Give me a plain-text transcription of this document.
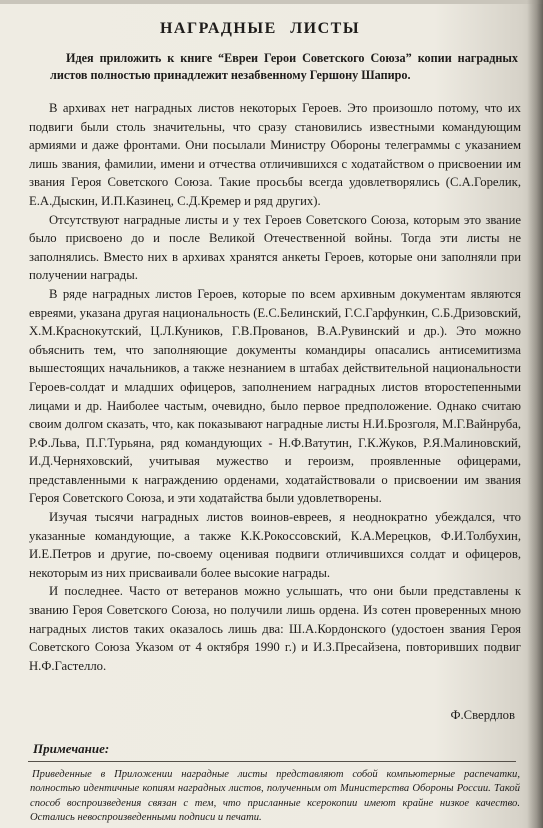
НАГРАДНЫЕ ЛИСТЫ

Идея приложить к книге “Евреи Герои Советского Союза” копии наградных листов полностью принадлежит незабвенному Гершону Шапиро.

В архивах нет наградных листов некоторых Героев. Это произошло потому, что их подвиги были столь значительны, что сразу становились известными командующим армиями и даже фронтами. Они посылали Министру Обороны телеграммы с указанием лишь звания, фамилии, имени и отчества отличившихся с ходатайством о присвоении им звания Героя Советского Союза. Такие просьбы всегда удовлетворялись (С.А.Горелик, Е.А.Дыскин, И.П.Казинец, С.Д.Кремер и ряд других).

Отсутствуют наградные листы и у тех Героев Советского Союза, которым это звание было присвоено до и после Великой Отечественной войны. Тогда эти листы не заполнялись. Вместо них в архивах хранятся анкеты Героев, которые они заполняли при получении награды.

В ряде наградных листов Героев, которые по всем архивным документам являются евреями, указана другая национальность (Е.С.Белинский, Г.С.Гарфункин, С.Б.Дризовский, Х.М.Краснокутский, Ц.Л.Куников, Г.В.Прованов, В.А.Рувинский и др.). Это можно объяснить тем, что заполняющие документы командиры опасались антисемитизма вышестоящих начальников, а также незнанием в штабах действительной национальности Героев-солдат и младших офицеров, заполнением наградных листов второстепенными лицами и др. Наиболее частым, очевидно, было первое предположение. Однако считаю своим долгом сказать, что, как показывают наградные листы Н.И.Брозголя, М.Г.Вайнруба, Р.Ф.Льва, П.Г.Турьяна, ряд командующих - Н.Ф.Ватутин, Г.К.Жуков, Р.Я.Малиновский, И.Д.Черняховский, учитывая мужество и героизм, проявленные офицерами, представленными к награждению орденами, ходатайствовали о присвоении им звания Героя Советского Союза, и эти ходатайства были удовлетворены.

Изучая тысячи наградных листов воинов-евреев, я неоднократно убеждался, что указанные командующие, а также К.К.Рокоссовский, К.А.Мерецков, Ф.И.Толбухин, И.Е.Петров и другие, по-своему оценивая подвиги отличившихся солдат и офицеров, некоторым из них присваивали более высокие награды.

И последнее. Часто от ветеранов можно услышать, что они были представлены к званию Героя Советского Союза, но получили лишь ордена. Из сотен проверенных мною наградных листов таких оказалось лишь два: Ш.А.Кордонского (удостоен звания Героя Советского Союза Указом от 4 октября 1990 г.) и И.З.Пресайзена, повторивших подвиг Н.Ф.Гастелло.

Ф.Свердлов

Примечание:

Приведенные в Приложении наградные листы представляют собой компьютерные распечатки, полностью идентичные копиям наградных листов, полученным от Министерства Обороны России. Такой способ воспроизведения связан с тем, что присланные ксерокопии имеют крайне низкое качество. Остались невоспроизведенными подписи и печати.
